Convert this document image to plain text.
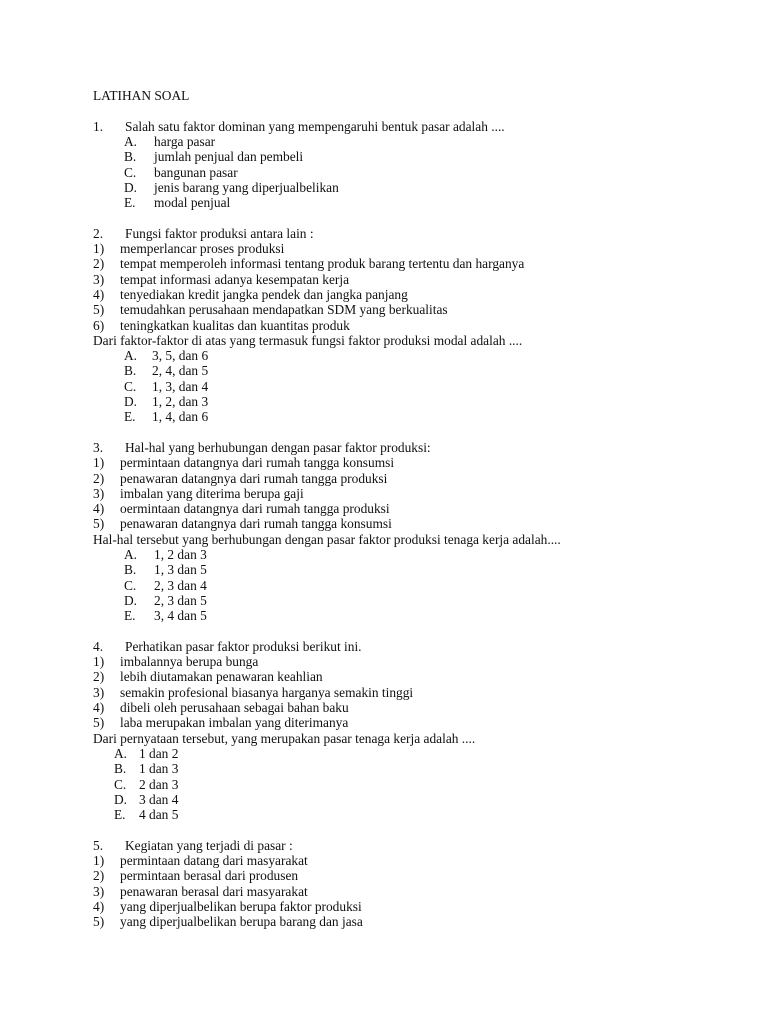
LATIHAN SOAL
1. Salah satu faktor dominan yang mempengaruhi bentuk pasar adalah ....
A. harga pasar
B. jumlah penjual dan pembeli
C. bangunan pasar
D. jenis barang yang diperjualbelikan
E. modal penjual
2. Fungsi faktor produksi antara lain :
1) memperlancar proses produksi
2) tempat memperoleh informasi tentang produk barang tertentu dan harganya
3) tempat informasi adanya kesempatan kerja
4) tenyediakan kredit jangka pendek dan jangka panjang
5) temudahkan perusahaan mendapatkan SDM yang berkualitas
6) teningkatkan kualitas dan kuantitas produk
Dari faktor-faktor di atas yang termasuk fungsi faktor produksi modal adalah ....
A. 3, 5, dan 6
B. 2, 4, dan 5
C. 1, 3, dan 4
D. 1, 2, dan 3
E. 1, 4, dan 6
3. Hal-hal yang berhubungan dengan pasar faktor produksi:
1) permintaan datangnya dari rumah tangga konsumsi
2) penawaran datangnya dari rumah tangga produksi
3) imbalan yang diterima berupa gaji
4) oermintaan datangnya dari rumah tangga produksi
5) penawaran datangnya dari rumah tangga konsumsi
Hal-hal tersebut yang berhubungan dengan pasar faktor produksi tenaga kerja adalah....
A. 1, 2 dan 3
B. 1, 3 dan 5
C. 2, 3 dan 4
D. 2, 3 dan 5
E. 3, 4 dan 5
4. Perhatikan pasar faktor produksi berikut ini.
1) imbalannya berupa bunga
2) lebih diutamakan penawaran keahlian
3) semakin profesional biasanya harganya semakin tinggi
4) dibeli oleh perusahaan sebagai bahan baku
5) laba merupakan imbalan yang diterimanya
Dari pernyataan tersebut, yang merupakan pasar tenaga kerja adalah ....
A. 1 dan 2
B. 1 dan 3
C. 2 dan 3
D. 3 dan 4
E. 4 dan 5
5. Kegiatan yang terjadi di pasar :
1) permintaan datang dari masyarakat
2) permintaan berasal dari produsen
3) penawaran berasal dari masyarakat
4) yang diperjualbelikan berupa faktor produksi
5) yang diperjualbelikan berupa barang dan jasa
